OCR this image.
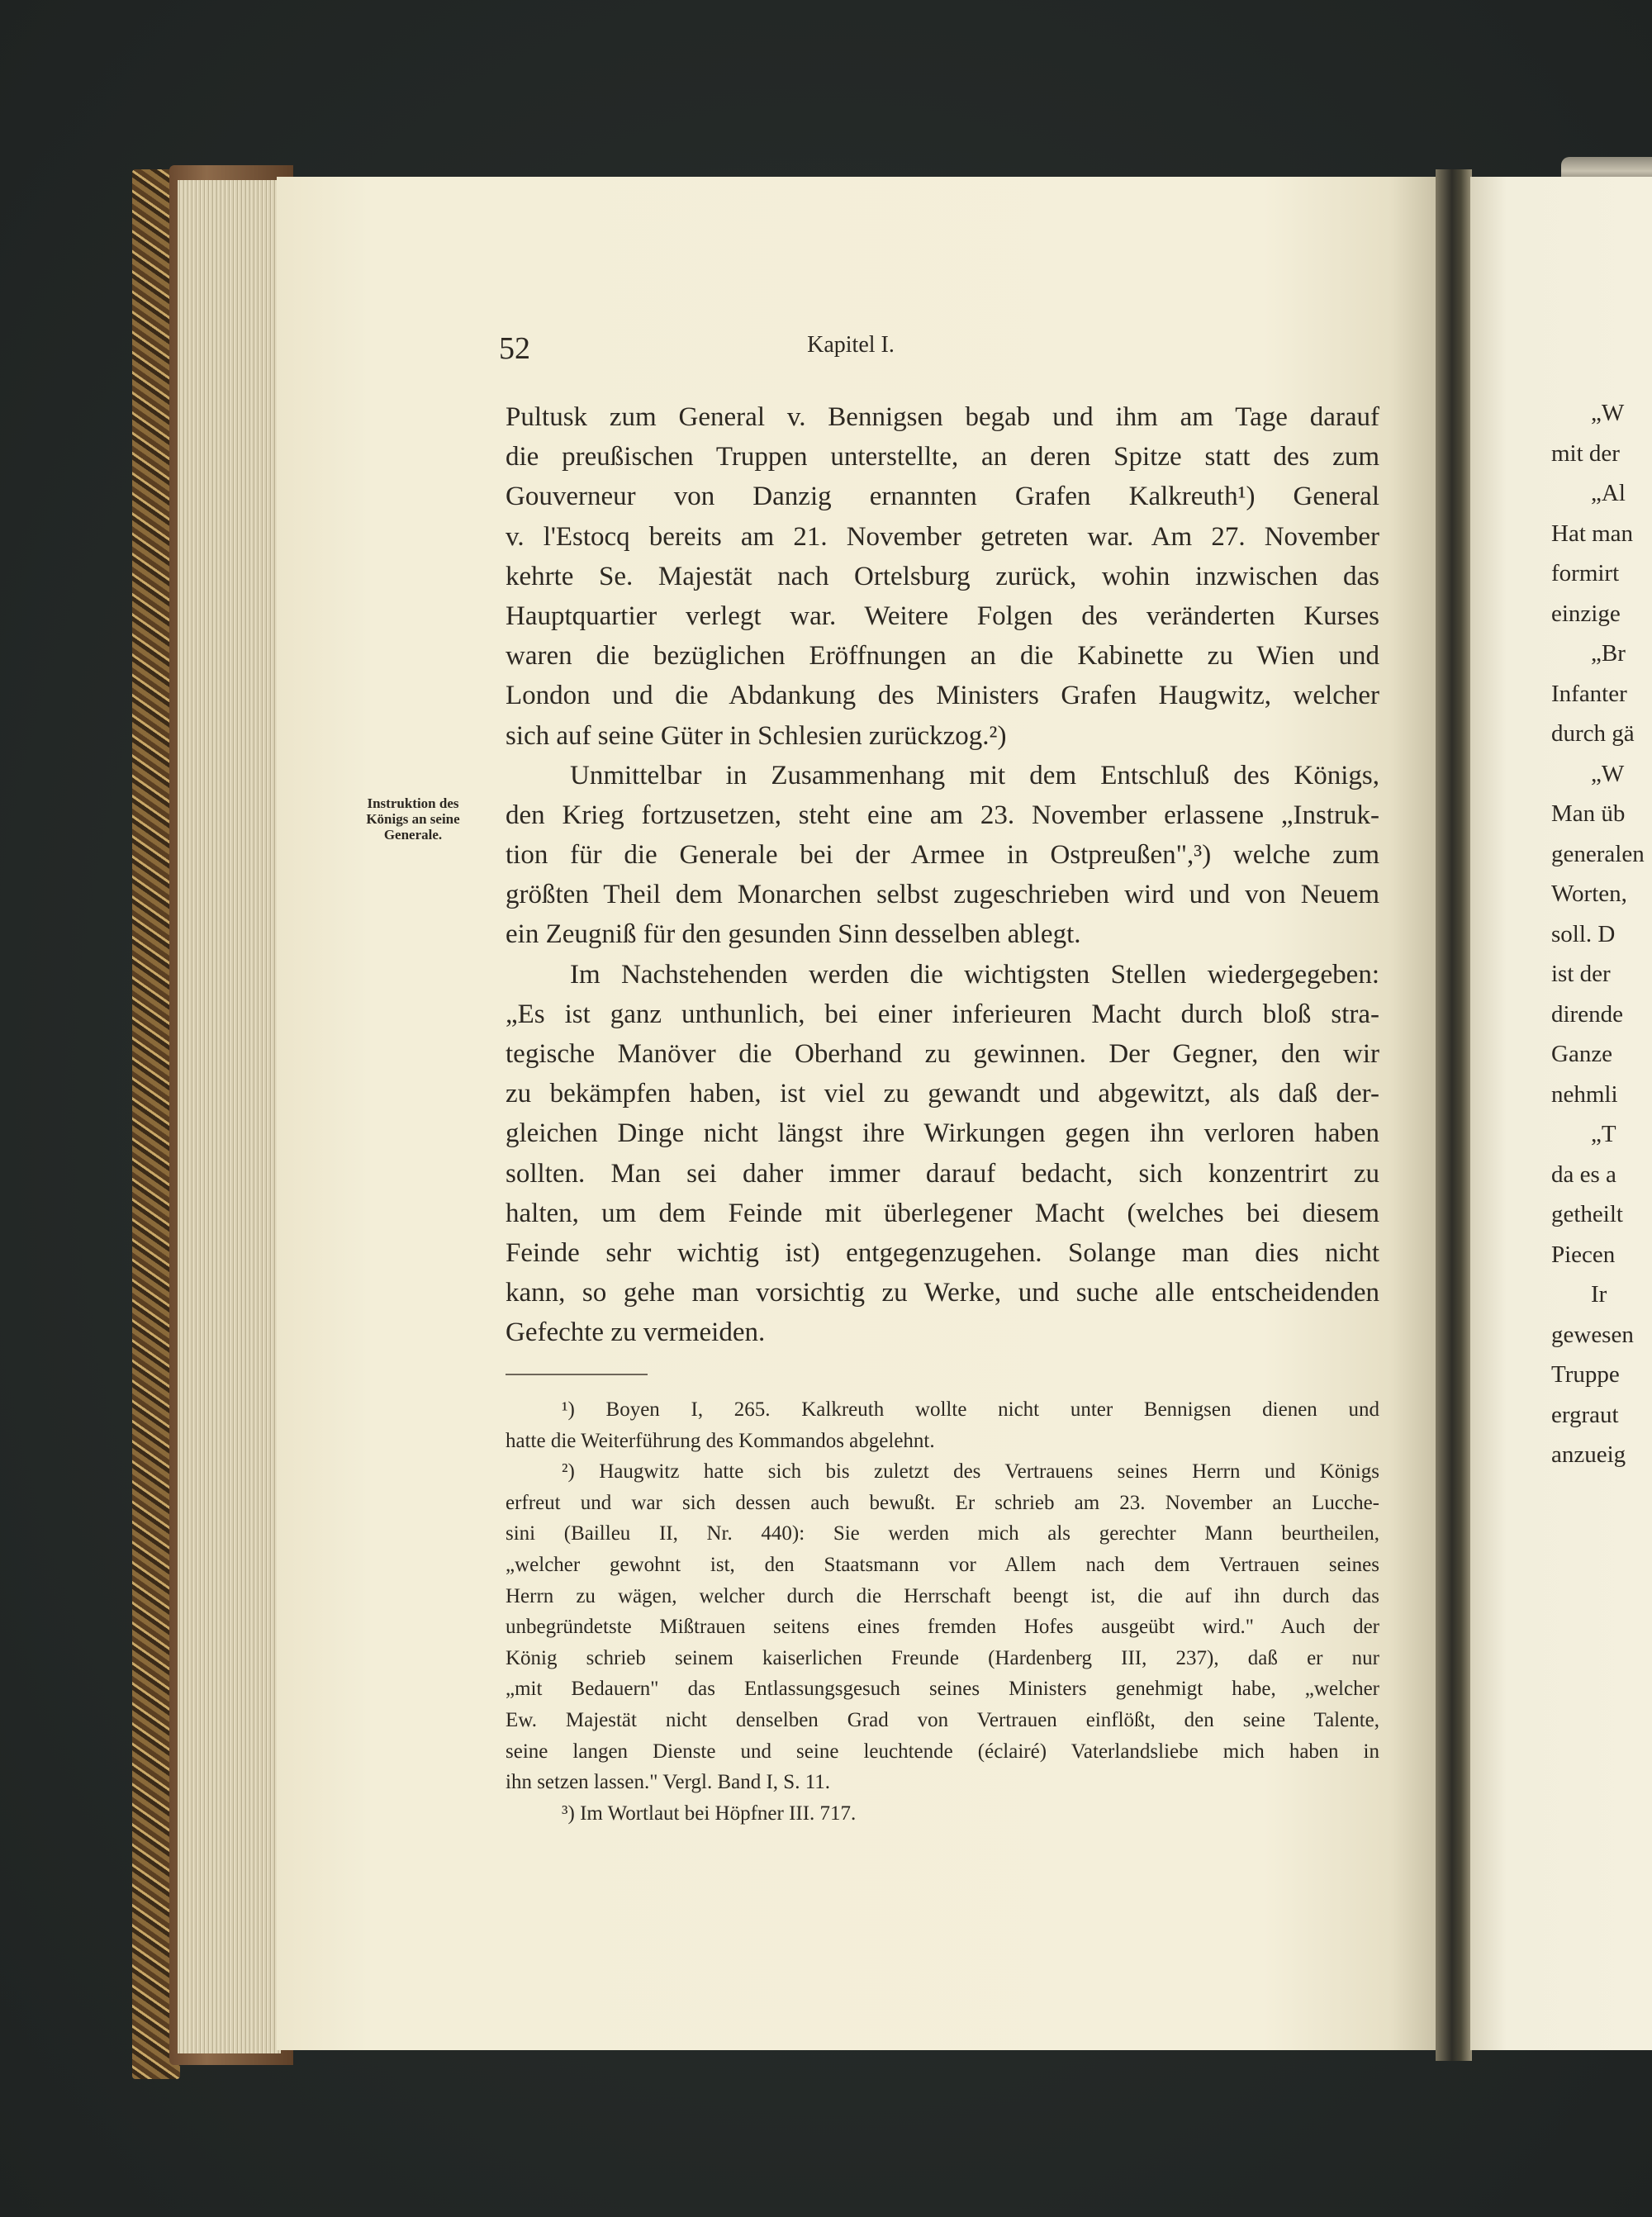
„W
mit der
„Al
Hat man
formirt
einzige
„Br
Infanter
durch gä
„W
Man üb
generalen
Worten,
soll. D
ist der
dirende
Ganze
nehmli
„T
da es a
getheilt
Piecen
Ir
gewesen
Truppe
ergraut
anzueig
52	Kapitel I.
Instruktion des
Königs an seine
Generale.
Pultusk zum General v. Bennigsen begab und ihm am Tage darauf
die preußischen Truppen unterstellte, an deren Spitze statt des zum
Gouverneur von Danzig ernannten Grafen Kalkreuth¹) General
v. l'Estocq bereits am 21. November getreten war. Am 27. November
kehrte Se. Majestät nach Ortelsburg zurück, wohin inzwischen das
Hauptquartier verlegt war. Weitere Folgen des veränderten Kurses
waren die bezüglichen Eröffnungen an die Kabinette zu Wien und
London und die Abdankung des Ministers Grafen Haugwitz, welcher
sich auf seine Güter in Schlesien zurückzog.²)
Unmittelbar in Zusammenhang mit dem Entschluß des Königs,
den Krieg fortzusetzen, steht eine am 23. November erlassene „Instruk-
tion für die Generale bei der Armee in Ostpreußen",³) welche zum
größten Theil dem Monarchen selbst zugeschrieben wird und von Neuem
ein Zeugniß für den gesunden Sinn desselben ablegt.
Im Nachstehenden werden die wichtigsten Stellen wiedergegeben:
„Es ist ganz unthunlich, bei einer inferieuren Macht durch bloß stra-
tegische Manöver die Oberhand zu gewinnen. Der Gegner, den wir
zu bekämpfen haben, ist viel zu gewandt und abgewitzt, als daß der-
gleichen Dinge nicht längst ihre Wirkungen gegen ihn verloren haben
sollten. Man sei daher immer darauf bedacht, sich konzentrirt zu
halten, um dem Feinde mit überlegener Macht (welches bei diesem
Feinde sehr wichtig ist) entgegenzugehen. Solange man dies nicht
kann, so gehe man vorsichtig zu Werke, und suche alle entscheidenden
Gefechte zu vermeiden.
¹) Boyen I, 265. Kalkreuth wollte nicht unter Bennigsen dienen und
hatte die Weiterführung des Kommandos abgelehnt.
²) Haugwitz hatte sich bis zuletzt des Vertrauens seines Herrn und Königs
erfreut und war sich dessen auch bewußt. Er schrieb am 23. November an Lucche-
sini (Bailleu II, Nr. 440): Sie werden mich als gerechter Mann beurtheilen,
„welcher gewohnt ist, den Staatsmann vor Allem nach dem Vertrauen seines
Herrn zu wägen, welcher durch die Herrschaft beengt ist, die auf ihn durch das
unbegründetste Mißtrauen seitens eines fremden Hofes ausgeübt wird." Auch der
König schrieb seinem kaiserlichen Freunde (Hardenberg III, 237), daß er nur
„mit Bedauern" das Entlassungsgesuch seines Ministers genehmigt habe, „welcher
Ew. Majestät nicht denselben Grad von Vertrauen einflößt, den seine Talente,
seine langen Dienste und seine leuchtende (éclairé) Vaterlandsliebe mich haben in
ihn setzen lassen." Vergl. Band I, S. 11.
³) Im Wortlaut bei Höpfner III. 717.
